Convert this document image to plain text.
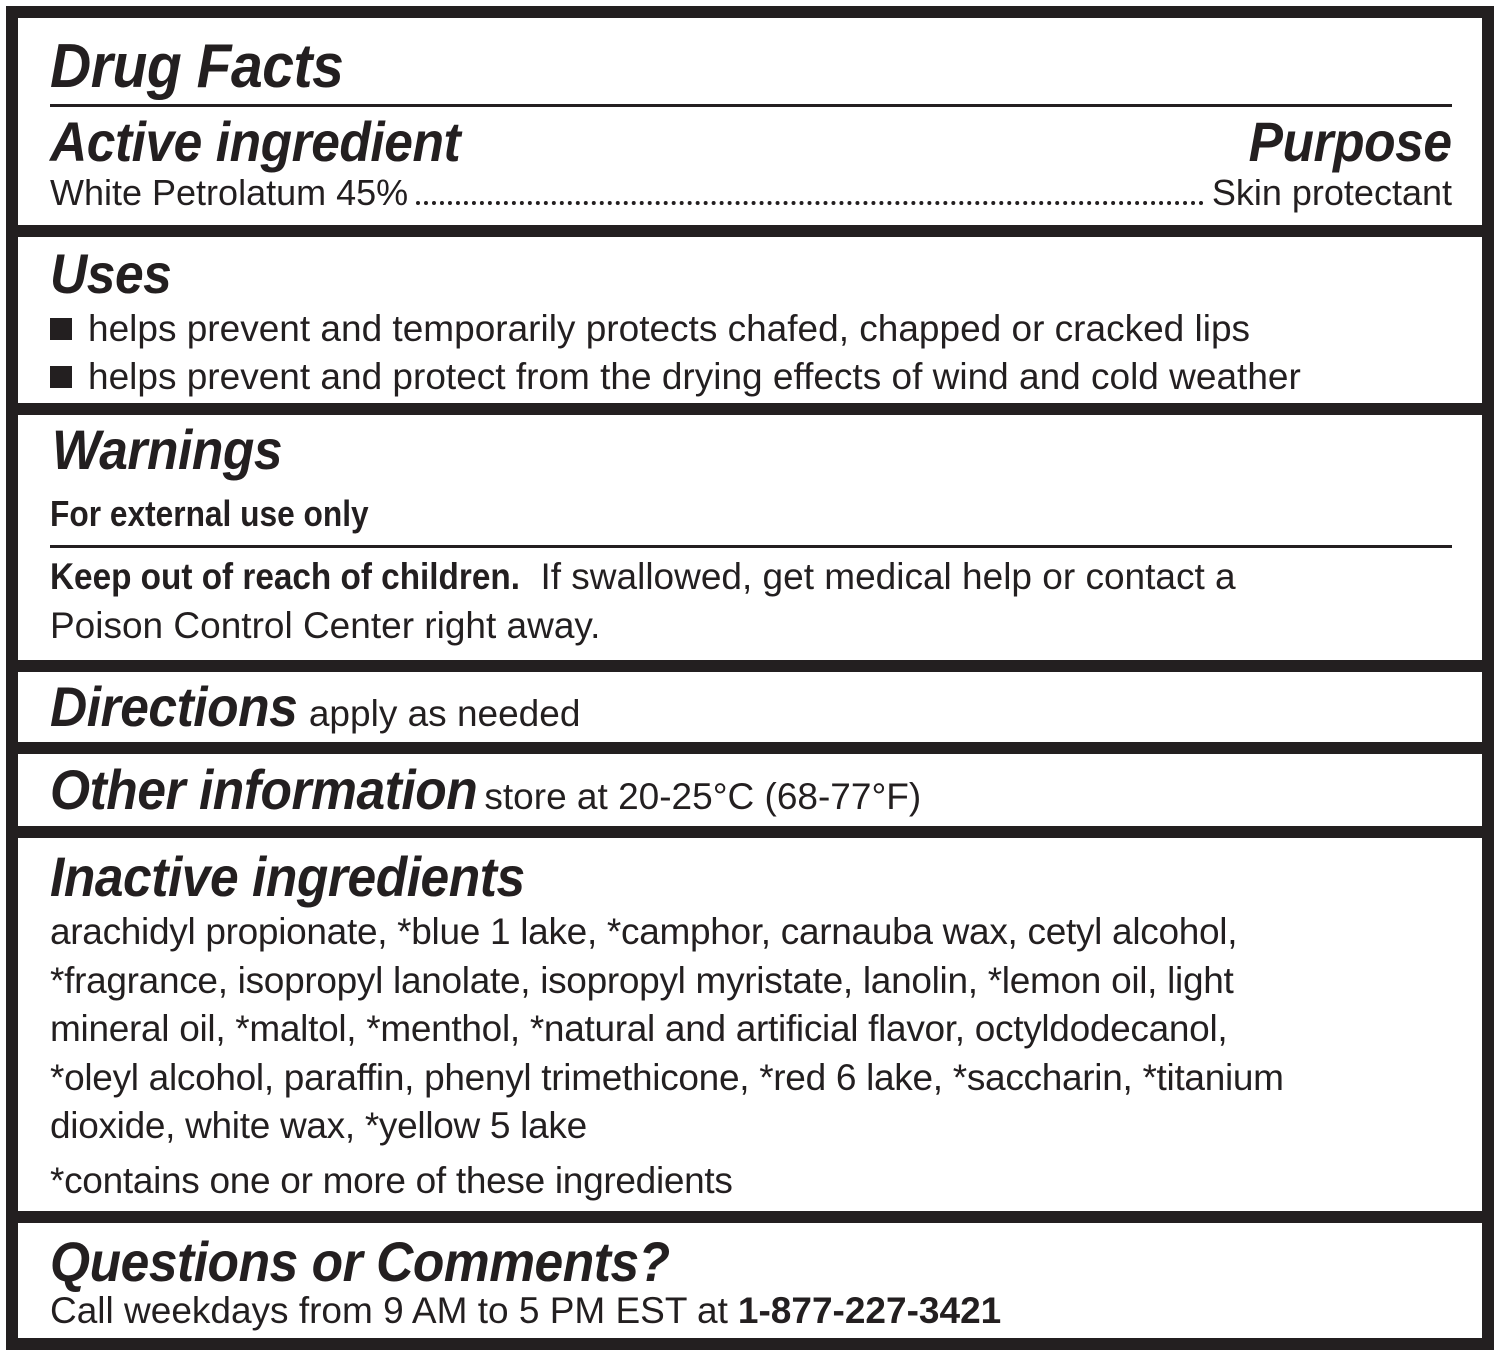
Drug Facts
Active ingredient	Purpose
White Petrolatum 45%	Skin protectant
Uses
helps prevent and temporarily protects chafed, chapped or cracked lips
helps prevent and protect from the drying effects of wind and cold weather
Warnings
For external use only
Keep out of reach of children. If swallowed, get medical help or contact a
Poison Control Center right away.
Directions apply as needed
Other information store at 20-25°C (68-77°F)
Inactive ingredients
arachidyl propionate, *blue 1 lake, *camphor, carnauba wax, cetyl alcohol,
*fragrance, isopropyl lanolate, isopropyl myristate, lanolin, *lemon oil, light
mineral oil, *maltol, *menthol, *natural and artificial flavor, octyldodecanol,
*oleyl alcohol, paraffin, phenyl trimethicone, *red 6 lake, *saccharin, *titanium
dioxide, white wax, *yellow 5 lake
*contains one or more of these ingredients
Questions or Comments?
Call weekdays from 9 AM to 5 PM EST at 1-877-227-3421
